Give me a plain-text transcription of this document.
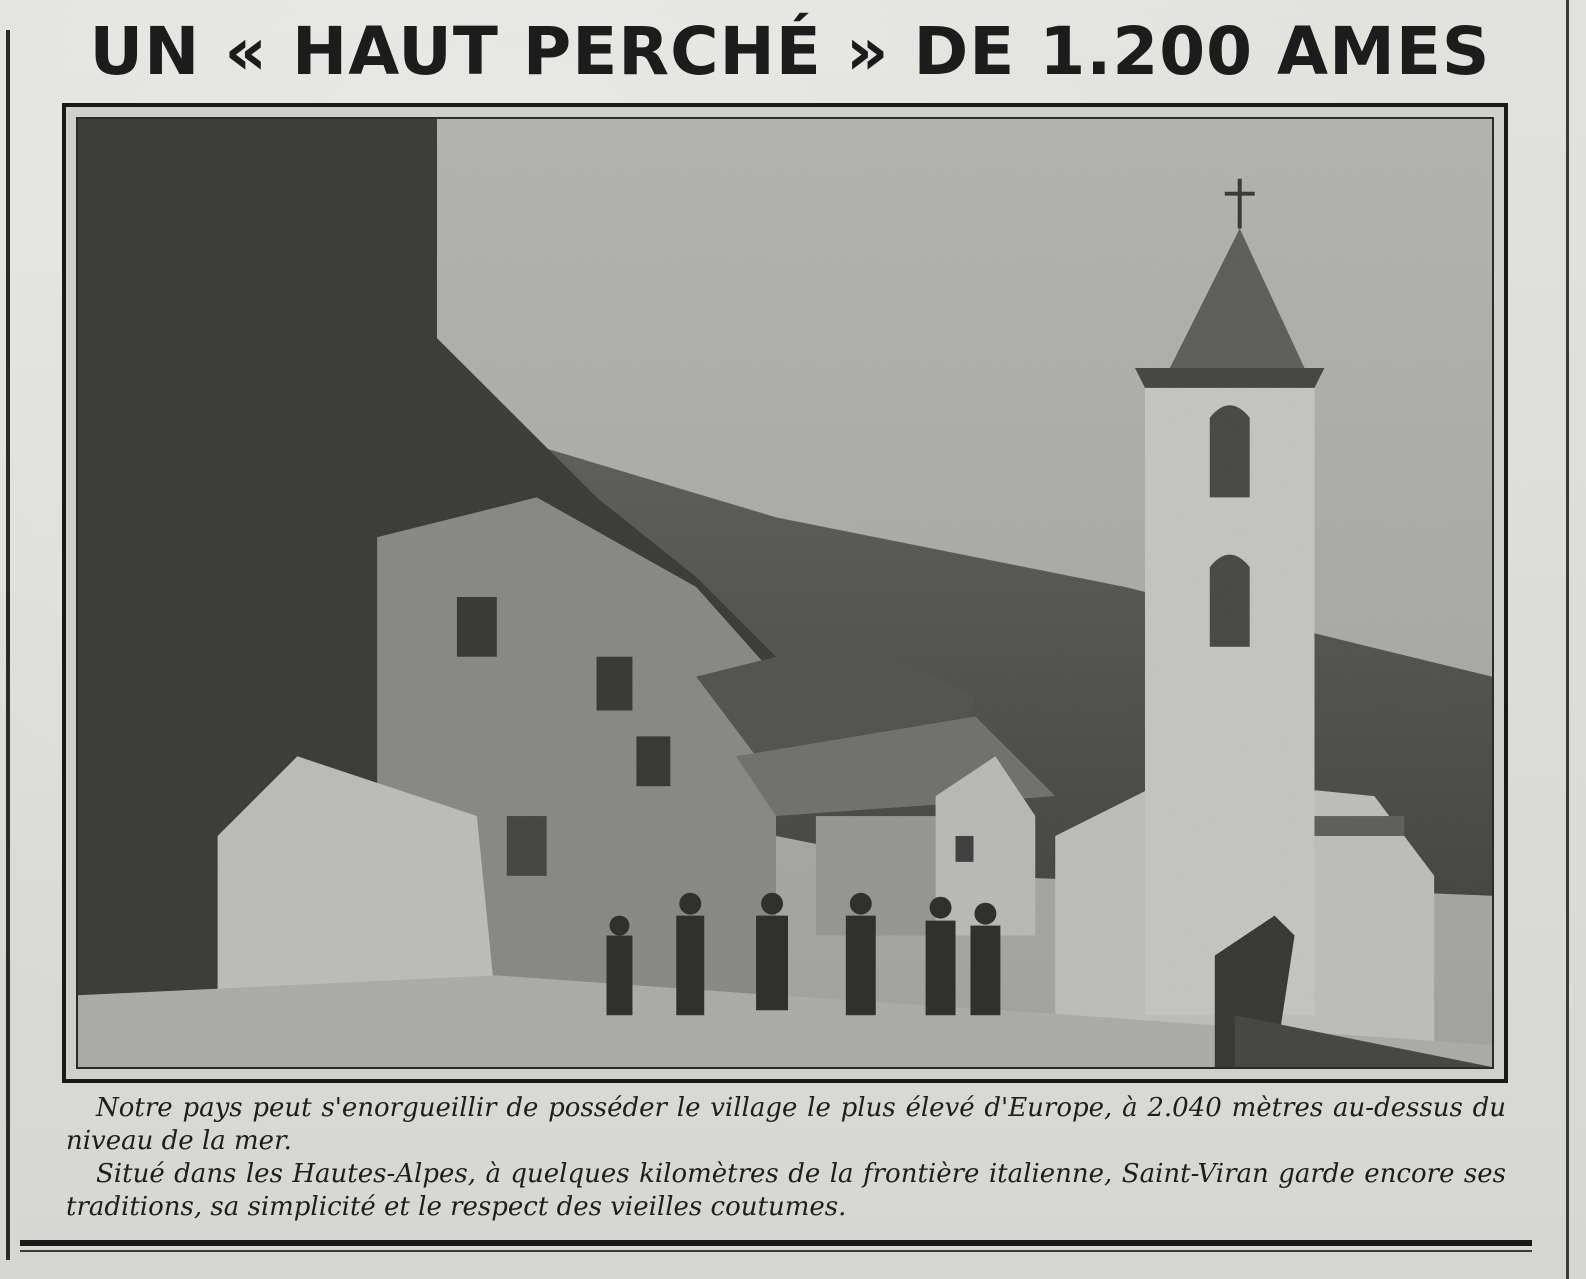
UN « HAUT PERCHÉ » DE 1.200 AMES

Notre pays peut s'enorgueillir de posséder le village le plus élevé d'Europe, à 2.040 mètres au-dessus du niveau de la mer.

Situé dans les Hautes-Alpes, à quelques kilomètres de la frontière italienne, Saint-Viran garde encore ses traditions, sa simplicité et le respect des vieilles coutumes.
